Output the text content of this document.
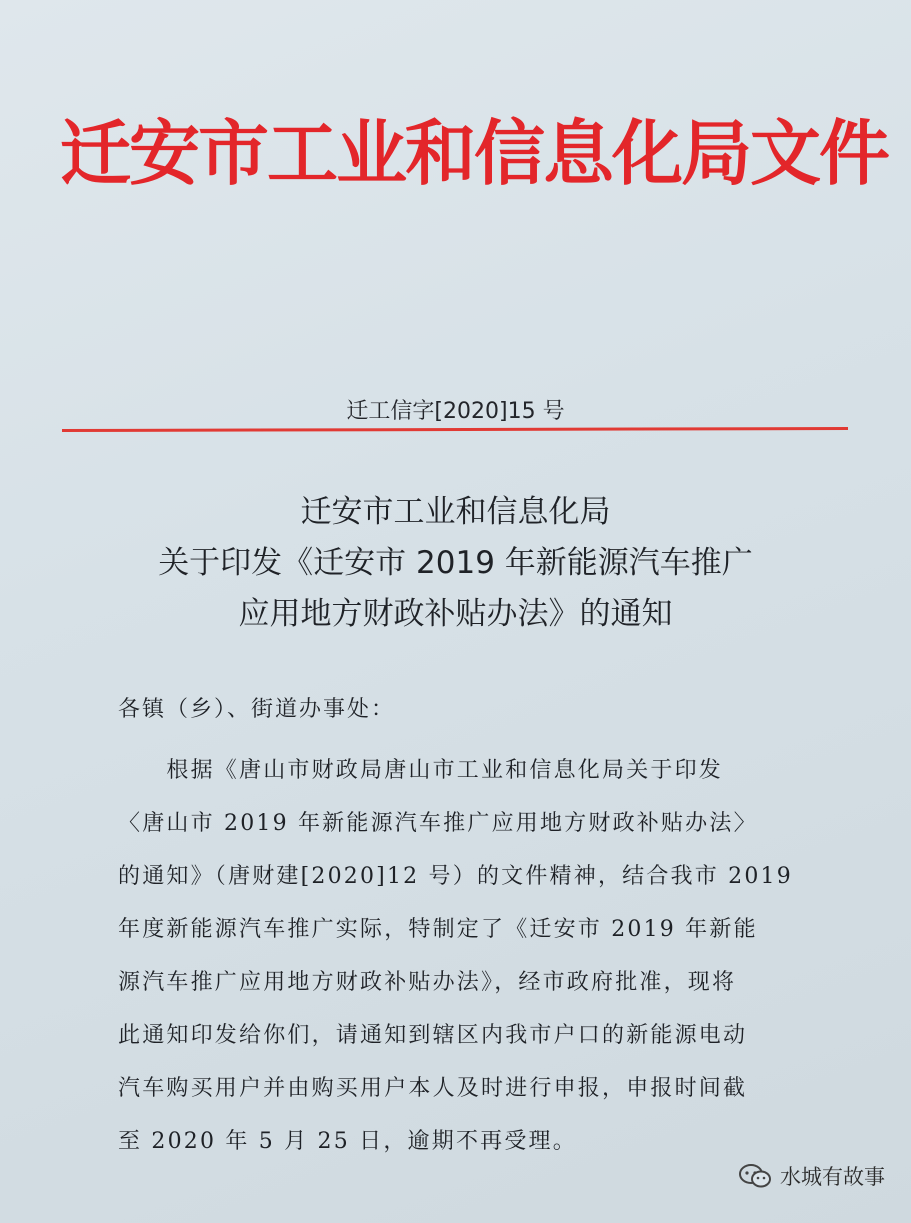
迁安市工业和信息化局文件
迁工信字[2020]15 号
迁安市工业和信息化局
关于印发《迁安市 2019 年新能源汽车推广
应用地方财政补贴办法》的通知
各镇（乡）、街道办事处：
　　根据《唐山市财政局唐山市工业和信息化局关于印发
〈唐山市 2019 年新能源汽车推广应用地方财政补贴办法〉
的通知》（唐财建[2020]12 号）的文件精神，结合我市 2019
年度新能源汽车推广实际，特制定了《迁安市 2019 年新能
源汽车推广应用地方财政补贴办法》，经市政府批准，现将
此通知印发给你们，请通知到辖区内我市户口的新能源电动
汽车购买用户并由购买用户本人及时进行申报，申报时间截
至 2020 年 5 月 25 日，逾期不再受理。
水城有故事
